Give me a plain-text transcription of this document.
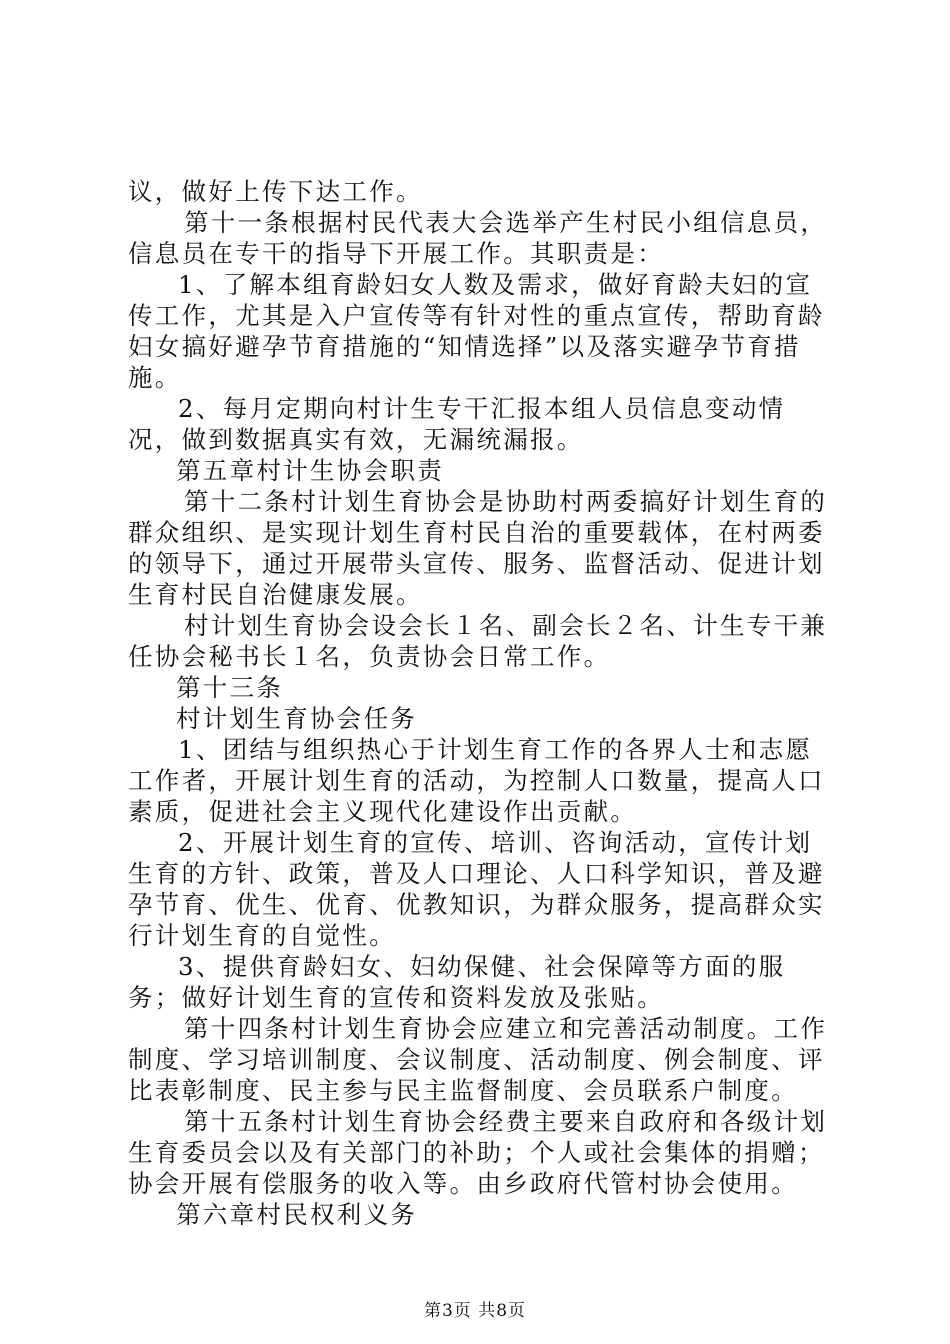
议，做好上传下达工作。

第十一条根据村民代表大会选举产生村民小组信息员，信息员在专干的指导下开展工作。其职责是：

1、了解本组育龄妇女人数及需求，做好育龄夫妇的宣传工作，尤其是入户宣传等有针对性的重点宣传，帮助育龄妇女搞好避孕节育措施的“知情选择”以及落实避孕节育措施。

2、每月定期向村计生专干汇报本组人员信息变动情况，做到数据真实有效，无漏统漏报。

第五章村计生协会职责

第十二条村计划生育协会是协助村两委搞好计划生育的群众组织、是实现计划生育村民自治的重要载体，在村两委的领导下，通过开展带头宣传、服务、监督活动、促进计划生育村民自治健康发展。

村计划生育协会设会长１名、副会长２名、计生专干兼任协会秘书长１名，负责协会日常工作。

第十三条

村计划生育协会任务

1、团结与组织热心于计划生育工作的各界人士和志愿工作者，开展计划生育的活动，为控制人口数量，提高人口素质，促进社会主义现代化建设作出贡献。

2、开展计划生育的宣传、培训、咨询活动，宣传计划生育的方针、政策，普及人口理论、人口科学知识，普及避孕节育、优生、优育、优教知识，为群众服务，提高群众实行计划生育的自觉性。

3、提供育龄妇女、妇幼保健、社会保障等方面的服务；做好计划生育的宣传和资料发放及张贴。

第十四条村计划生育协会应建立和完善活动制度。工作制度、学习培训制度、会议制度、活动制度、例会制度、评比表彰制度、民主参与民主监督制度、会员联系户制度。

第十五条村计划生育协会经费主要来自政府和各级计划生育委员会以及有关部门的补助；个人或社会集体的捐赠；协会开展有偿服务的收入等。由乡政府代管村协会使用。

第六章村民权利义务

第3页 共8页
